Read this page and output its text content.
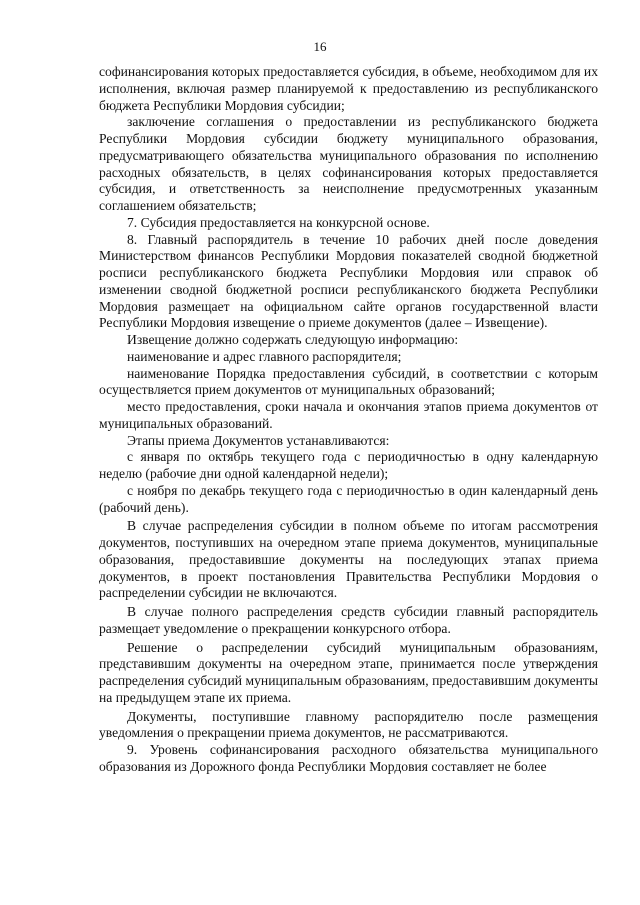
16

софинансирования которых предоставляется субсидия, в объеме, необходимом для их исполнения, включая размер планируемой к предоставлению из республиканского бюджета Республики Мордовия субсидии;

заключение соглашения о предоставлении из республиканского бюджета Республики Мордовия субсидии бюджету муниципального образования, предусматривающего обязательства муниципального образования по исполнению расходных обязательств, в целях софинансирования которых предоставляется субсидия, и ответственность за неисполнение предусмотренных указанным соглашением обязательств;

7. Субсидия предоставляется на конкурсной основе.

8. Главный распорядитель в течение 10 рабочих дней после доведения Министерством финансов Республики Мордовия показателей сводной бюджетной росписи республиканского бюджета Республики Мордовия или справок об изменении сводной бюджетной росписи республиканского бюджета Республики Мордовия размещает на официальном сайте органов государственной власти Республики Мордовия извещение о приеме документов (далее – Извещение).

Извещение должно содержать следующую информацию:

наименование и адрес главного распорядителя;

наименование Порядка предоставления субсидий, в соответствии с которым осуществляется прием документов от муниципальных образований;

место предоставления, сроки начала и окончания этапов приема документов от муниципальных образований.

Этапы приема Документов устанавливаются:

с января по октябрь текущего года с периодичностью в одну календарную неделю (рабочие дни одной календарной недели);

с ноября по декабрь текущего года с периодичностью в один календарный день (рабочий день).

В случае распределения субсидии в полном объеме по итогам рассмотрения документов, поступивших на очередном этапе приема документов, муниципальные образования, предоставившие документы на последующих этапах приема документов, в проект постановления Правительства Республики Мордовия о распределении субсидии не включаются.

В случае полного распределения средств субсидии главный распорядитель размещает уведомление о прекращении конкурсного отбора.

Решение о распределении субсидий муниципальным образованиям, представившим документы на очередном этапе, принимается после утверждения распределения субсидий муниципальным образованиям, предоставившим документы на предыдущем этапе их приема.

Документы, поступившие главному распорядителю после размещения уведомления о прекращении приема документов, не рассматриваются.

9. Уровень софинансирования расходного обязательства муниципального образования из Дорожного фонда Республики Мордовия составляет не более
